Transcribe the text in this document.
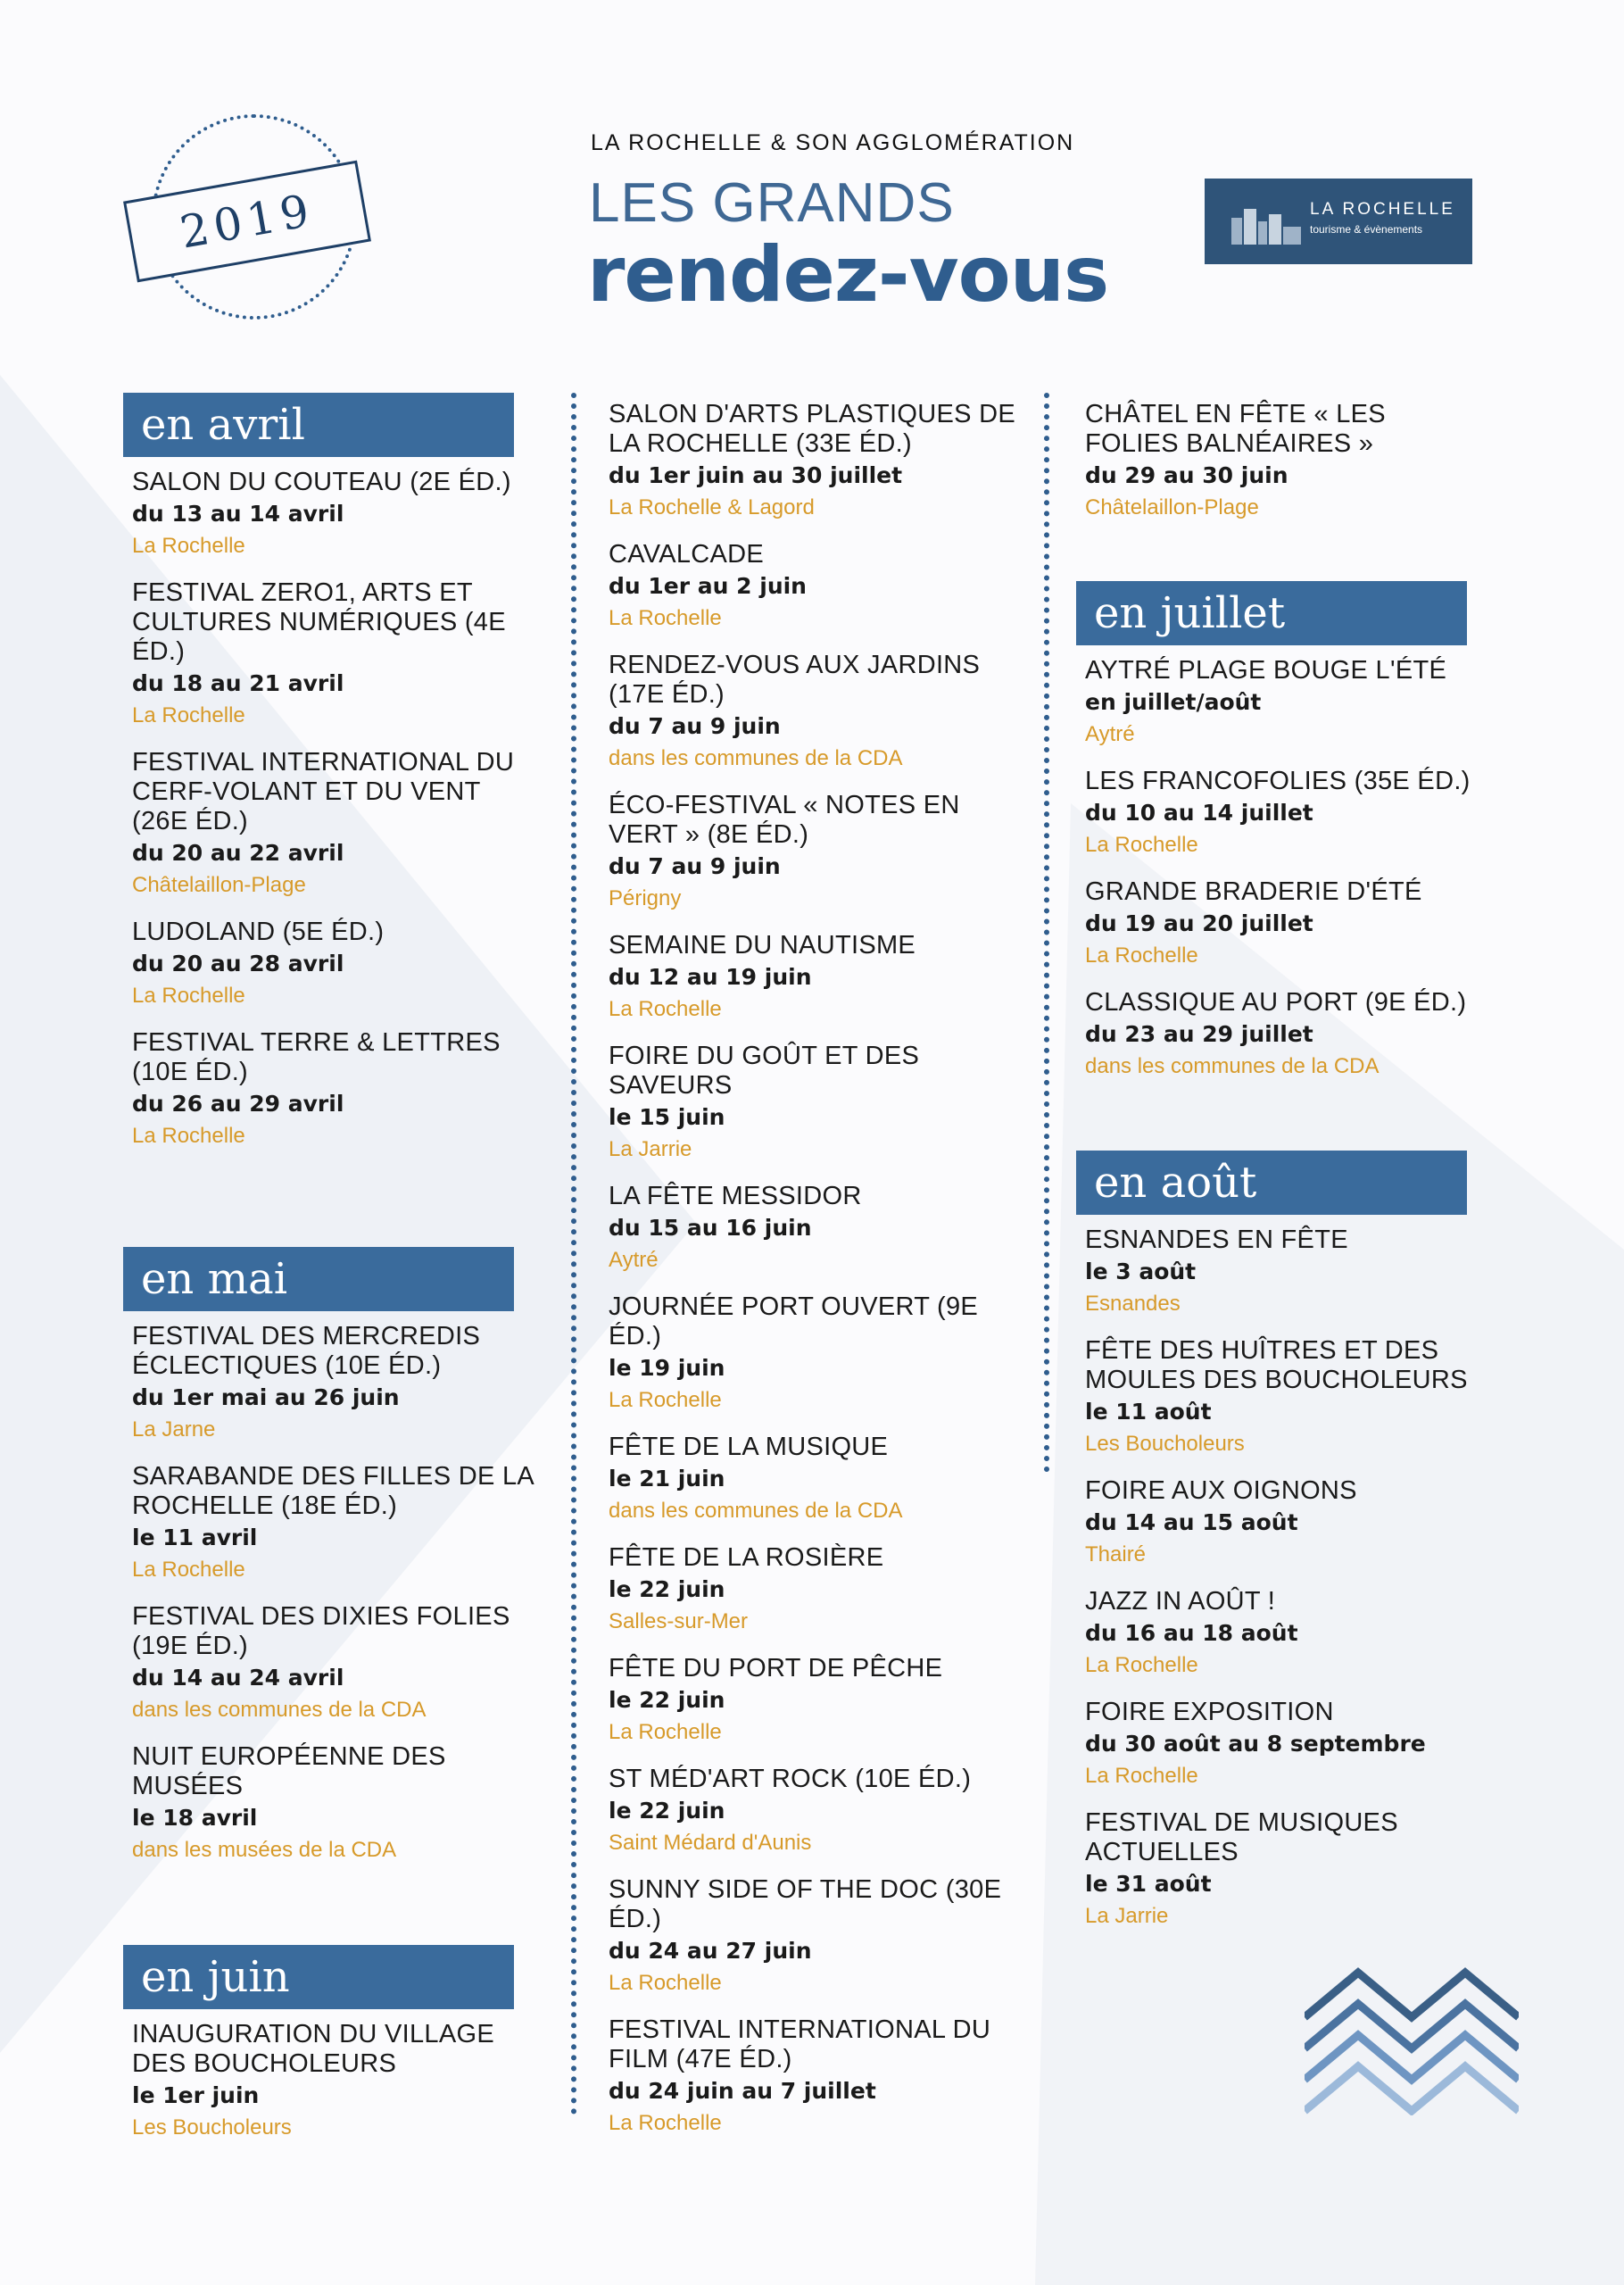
2019
LA ROCHELLE & SON AGGLOMÉRATION
LES GRANDS
rendez-vous
LA ROCHELLE
tourisme & évènements
en avril
SALON DU COUTEAU (2E ÉD.)
du 13 au 14 avril
La Rochelle
FESTIVAL ZERO1, ARTS ET CULTURES NUMÉRIQUES (4E ÉD.)
du 18 au 21 avril
La Rochelle
FESTIVAL INTERNATIONAL DU CERF-VOLANT ET DU VENT (26E ÉD.)
du 20 au 22 avril
Châtelaillon-Plage
LUDOLAND (5E ÉD.)
du 20 au 28 avril
La Rochelle
FESTIVAL TERRE & LETTRES (10E ÉD.)
du 26 au 29 avril
La Rochelle
en mai
FESTIVAL DES MERCREDIS ÉCLECTIQUES (10E ÉD.)
du 1er mai au 26 juin
La Jarne
SARABANDE DES FILLES DE LA ROCHELLE (18E ÉD.)
le 11 avril
La Rochelle
FESTIVAL DES DIXIES FOLIES (19E ÉD.)
du 14 au 24 avril
dans les communes de la CDA
NUIT EUROPÉENNE DES MUSÉES
le 18 avril
dans les musées de la CDA
en juin
INAUGURATION DU VILLAGE DES BOUCHOLEURS
le 1er juin
Les Boucholeurs
SALON D'ARTS PLASTIQUES DE LA ROCHELLE (33E ÉD.)
du 1er juin au 30 juillet
La Rochelle & Lagord
CAVALCADE
du 1er au 2 juin
La Rochelle
RENDEZ-VOUS AUX JARDINS (17E ÉD.)
du 7 au 9 juin
dans les communes de la CDA
ÉCO-FESTIVAL « NOTES EN VERT » (8E ÉD.)
du 7 au 9 juin
Périgny
SEMAINE DU NAUTISME
du 12 au 19 juin
La Rochelle
FOIRE DU GOÛT ET DES SAVEURS
le 15 juin
La Jarrie
LA FÊTE MESSIDOR
du 15 au 16 juin
Aytré
JOURNÉE PORT OUVERT (9E ÉD.)
le 19 juin
La Rochelle
FÊTE DE LA MUSIQUE
le 21 juin
dans les communes de la CDA
FÊTE DE LA ROSIÈRE
le 22 juin
Salles-sur-Mer
FÊTE DU PORT DE PÊCHE
le 22 juin
La Rochelle
ST MÉD'ART ROCK (10E ÉD.)
le 22 juin
Saint Médard d'Aunis
SUNNY SIDE OF THE DOC (30E ÉD.)
du 24 au 27 juin
La Rochelle
FESTIVAL INTERNATIONAL DU FILM (47E ÉD.)
du 24 juin au 7 juillet
La Rochelle
CHÂTEL EN FÊTE « LES FOLIES BALNÉAIRES »
du 29 au 30 juin
Châtelaillon-Plage
en juillet
AYTRÉ PLAGE BOUGE L'ÉTÉ
en juillet/août
Aytré
LES FRANCOFOLIES (35E ÉD.)
du 10 au 14 juillet
La Rochelle
GRANDE BRADERIE D'ÉTÉ
du 19 au 20 juillet
La Rochelle
CLASSIQUE AU PORT (9E ÉD.)
du 23 au 29 juillet
dans les communes de la CDA
en août
ESNANDES EN FÊTE
le 3 août
Esnandes
FÊTE DES HUÎTRES ET DES MOULES DES BOUCHOLEURS
le 11 août
Les Boucholeurs
FOIRE AUX OIGNONS
du 14 au 15 août
Thairé
JAZZ IN AOÛT !
du 16 au 18 août
La Rochelle
FOIRE EXPOSITION
du 30 août au 8 septembre
La Rochelle
FESTIVAL DE MUSIQUES ACTUELLES
le 31 août
La Jarrie
